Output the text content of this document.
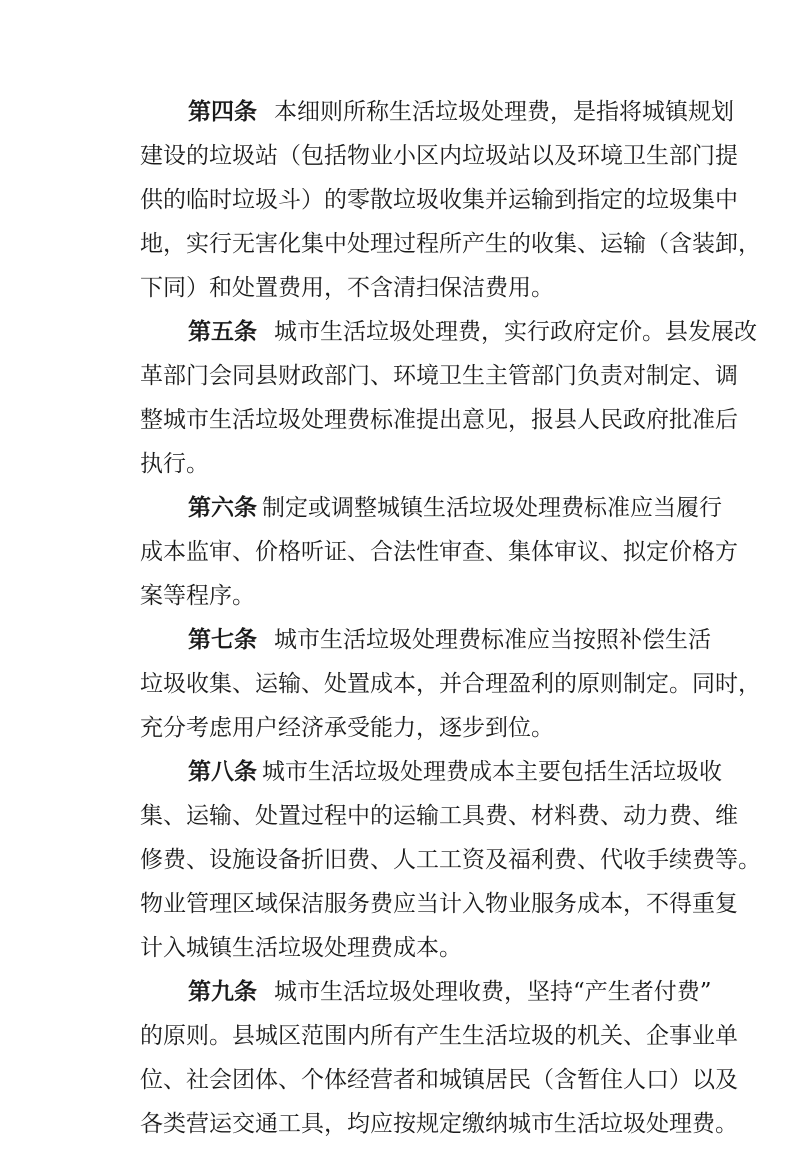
第四条 本细则所称生活垃圾处理费，是指将城镇规划
建设的垃圾站（包括物业小区内垃圾站以及环境卫生部门提
供的临时垃圾斗）的零散垃圾收集并运输到指定的垃圾集中
地，实行无害化集中处理过程所产生的收集、运输（含装卸，
下同）和处置费用，不含清扫保洁费用。
第五条 城市生活垃圾处理费，实行政府定价。县发展改
革部门会同县财政部门、环境卫生主管部门负责对制定、调
整城市生活垃圾处理费标准提出意见，报县人民政府批准后
执行。
第六条 制定或调整城镇生活垃圾处理费标准应当履行
成本监审、价格听证、合法性审查、集体审议、拟定价格方
案等程序。
第七条 城市生活垃圾处理费标准应当按照补偿生活
垃圾收集、运输、处置成本，并合理盈利的原则制定。同时，
充分考虑用户经济承受能力，逐步到位。
第八条 城市生活垃圾处理费成本主要包括生活垃圾收
集、运输、处置过程中的运输工具费、材料费、动力费、维
修费、设施设备折旧费、人工工资及福利费、代收手续费等。
物业管理区域保洁服务费应当计入物业服务成本，不得重复
计入城镇生活垃圾处理费成本。
第九条 城市生活垃圾处理收费，坚持“产生者付费”
的原则。县城区范围内所有产生生活垃圾的机关、企事业单
位、社会团体、个体经营者和城镇居民（含暂住人口）以及
各类营运交通工具，均应按规定缴纳城市生活垃圾处理费。
